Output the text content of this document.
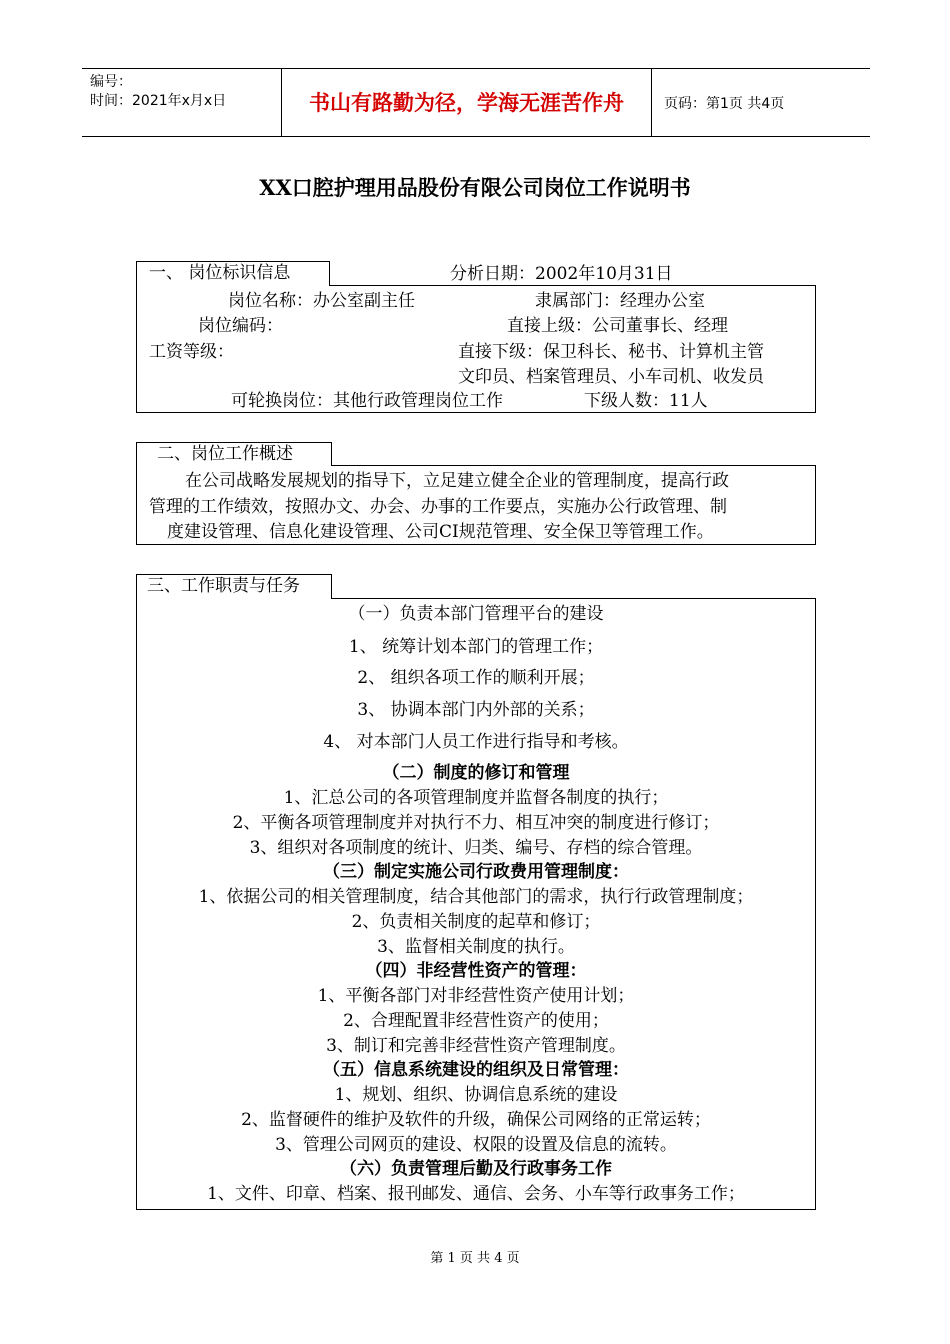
编号：
时间：2021年x月x日	书山有路勤为径，学海无涯苦作舟	页码：第1页 共4页
XX口腔护理用品股份有限公司岗位工作说明书
一、 岗位标识信息	分析日期：2002年10月31日
岗位名称：办公室副主任	隶属部门：经理办公室
岗位编码：	直接上级：公司董事长、经理
工资等级：	直接下级：保卫科长、秘书、计算机主管
文印员、档案管理员、小车司机、收发员
可轮换岗位：其他行政管理岗位工作	下级人数：11人
二、岗位工作概述
在公司战略发展规划的指导下，立足建立健全企业的管理制度，提高行政
管理的工作绩效，按照办文、办会、办事的工作要点，实施办公行政管理、制
度建设管理、信息化建设管理、公司CI规范管理、安全保卫等管理工作。
三、工作职责与任务
（一）负责本部门管理平台的建设
1、 统筹计划本部门的管理工作；
2、 组织各项工作的顺利开展；
3、 协调本部门内外部的关系；
4、 对本部门人员工作进行指导和考核。
（二）制度的修订和管理
1、汇总公司的各项管理制度并监督各制度的执行；
2、平衡各项管理制度并对执行不力、相互冲突的制度进行修订；
3、组织对各项制度的统计、归类、编号、存档的综合管理。
（三）制定实施公司行政费用管理制度：
1、依据公司的相关管理制度，结合其他部门的需求，执行行政管理制度；
2、负责相关制度的起草和修订；
3、监督相关制度的执行。
（四）非经营性资产的管理：
1、平衡各部门对非经营性资产使用计划；
2、合理配置非经营性资产的使用；
3、制订和完善非经营性资产管理制度。
（五）信息系统建设的组织及日常管理：
1、规划、组织、协调信息系统的建设
2、监督硬件的维护及软件的升级，确保公司网络的正常运转；
3、管理公司网页的建设、权限的设置及信息的流转。
（六）负责管理后勤及行政事务工作
1、文件、印章、档案、报刊邮发、通信、会务、小车等行政事务工作；
第 1 页 共 4 页
